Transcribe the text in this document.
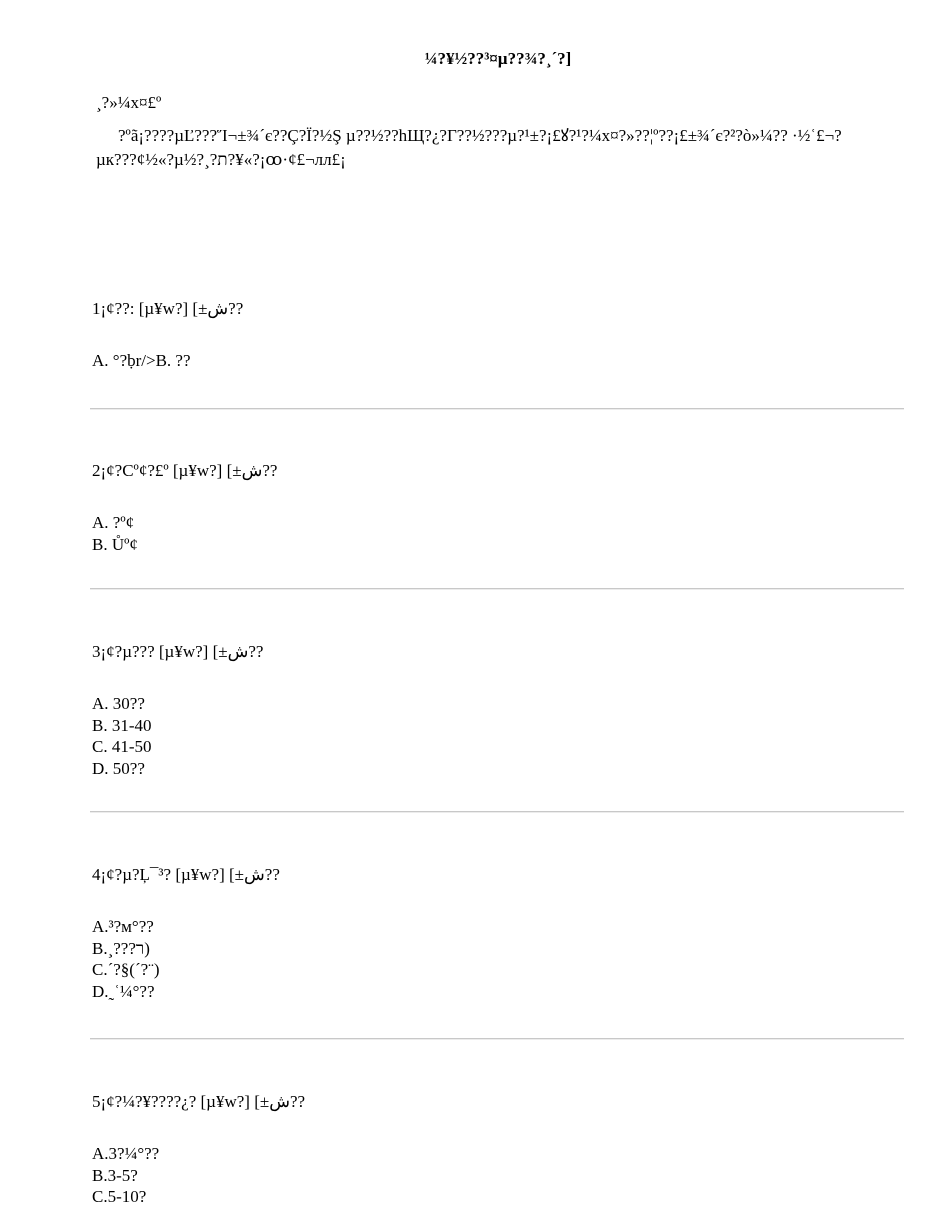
¼?¥½??³¤µ??¾?¸´?]
¸?»¼х¤£º
?ºã¡????µĽ???Ἵ¬±¾´є??Ç?Ï?½Ş µ??½??hЩ?¿?Γ??½???µ?¹±?¡£ꙋ?¹?¼х¤?»??¦º??¡£±¾´є?²?ò»¼?? ·½ʿ£¬?µк???¢½«?µ½?¸?ת?¥«?¡ꝏ·¢£¬лл£¡
1¡¢??: [µ¥w?] [±ش??
A. °?ḅr/>B. ??
2¡¢?Cº¢?£º [µ¥w?] [±ش??
A. ?º¢
B. Ůº¢
3¡¢?µ??? [µ¥w?] [±ش??
A. 30??
B. 31-40
C. 41-50
D. 50??
4¡¢?µ?Ļ¯³? [µ¥w?] [±ش??
A.³?м°??
B.¸???ר)
C.´?§(´?¨)
D.˷ʿ¼°??
5¡¢?¼?¥????¿? [µ¥w?] [±ش??
A.3?¼°??
B.3-5?
C.5-10?
